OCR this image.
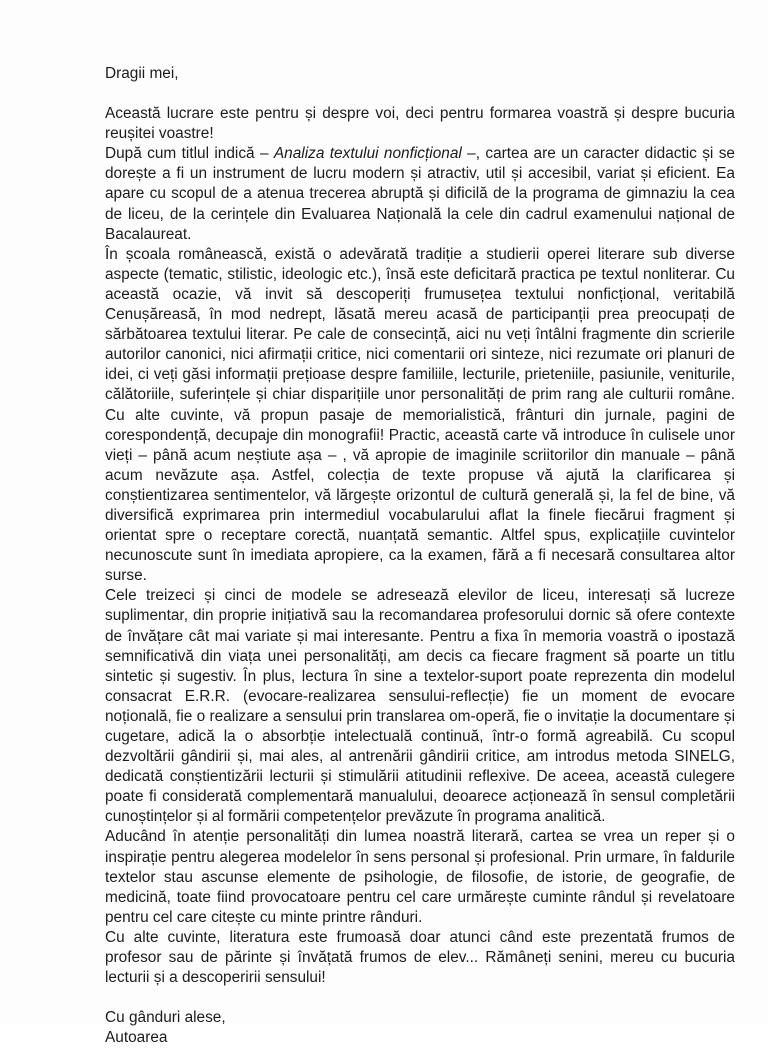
Dragii mei,

Această lucrare este pentru și despre voi, deci pentru formarea voastră și despre bucuria reușitei voastre!

După cum titlul indică – Analiza textului nonficțional –, cartea are un caracter didactic și se dorește a fi un instrument de lucru modern și atractiv, util și accesibil, variat și eficient. Ea apare cu scopul de a atenua trecerea abruptă și dificilă de la programa de gimnaziu la cea de liceu, de la cerințele din Evaluarea Națională la cele din cadrul examenului național de Bacalaureat.

În școala românească, există o adevărată tradiție a studierii operei literare sub diverse aspecte (tematic, stilistic, ideologic etc.), însă este deficitară practica pe textul nonliterar. Cu această ocazie, vă invit să descoperiți frumusețea textului nonficțional, veritabilă Cenușăreasă, în mod nedrept, lăsată mereu acasă de participanții prea preocupați de sărbătoarea textului literar. Pe cale de consecință, aici nu veți întâlni fragmente din scrierile autorilor canonici, nici afirmații critice, nici comentarii ori sinteze, nici rezumate ori planuri de idei, ci veți găsi informații prețioase despre familiile, lecturile, prieteniile, pasiunile, veniturile, călătoriile, suferințele și chiar disparițiile unor personalități de prim rang ale culturii române. Cu alte cuvinte, vă propun pasaje de memorialistică, frânturi din jurnale, pagini de corespondență, decupaje din monografii! Practic, această carte vă introduce în culisele unor vieți – până acum neștiute așa – , vă apropie de imaginile scriitorilor din manuale – până acum nevăzute așa. Astfel, colecția de texte propuse vă ajută la clarificarea și conștientizarea sentimentelor, vă lărgește orizontul de cultură generală și, la fel de bine, vă diversifică exprimarea prin intermediul vocabularului aflat la finele fiecărui fragment și orientat spre o receptare corectă, nuanțată semantic. Altfel spus, explicațiile cuvintelor necunoscute sunt în imediata apropiere, ca la examen, fără a fi necesară consultarea altor surse.

Cele treizeci și cinci de modele se adresează elevilor de liceu, interesați să lucreze suplimentar, din proprie inițiativă sau la recomandarea profesorului dornic să ofere contexte de învățare cât mai variate și mai interesante. Pentru a fixa în memoria voastră o ipostază semnificativă din viața unei personalități, am decis ca fiecare fragment să poarte un titlu sintetic și sugestiv. În plus, lectura în sine a textelor-suport poate reprezenta din modelul consacrat E.R.R. (evocare-realizarea sensului-reflecție) fie un moment de evocare noțională, fie o realizare a sensului prin translarea om-operă, fie o invitație la documentare și cugetare, adică la o absorbție intelectuală continuă, într-o formă agreabilă. Cu scopul dezvoltării gândirii și, mai ales, al antrenării gândirii critice, am introdus metoda SINELG, dedicată conștientizării lecturii și stimulării atitudinii reflexive. De aceea, această culegere poate fi considerată complementară manualului, deoarece acționează în sensul completării cunoștințelor și al formării competențelor prevăzute în programa analitică.

Aducând în atenție personalități din lumea noastră literară, cartea se vrea un reper și o inspirație pentru alegerea modelelor în sens personal și profesional. Prin urmare, în faldurile textelor stau ascunse elemente de psihologie, de filosofie, de istorie, de geografie, de medicină, toate fiind provocatoare pentru cel care urmărește cuminte rândul și revelatoare pentru cel care citește cu minte printre rânduri.

Cu alte cuvinte, literatura este frumoasă doar atunci când este prezentată frumos de profesor sau de părinte și învățată frumos de elev... Rămâneți senini, mereu cu bucuria lecturii și a descoperirii sensului!

Cu gânduri alese,
Autoarea
